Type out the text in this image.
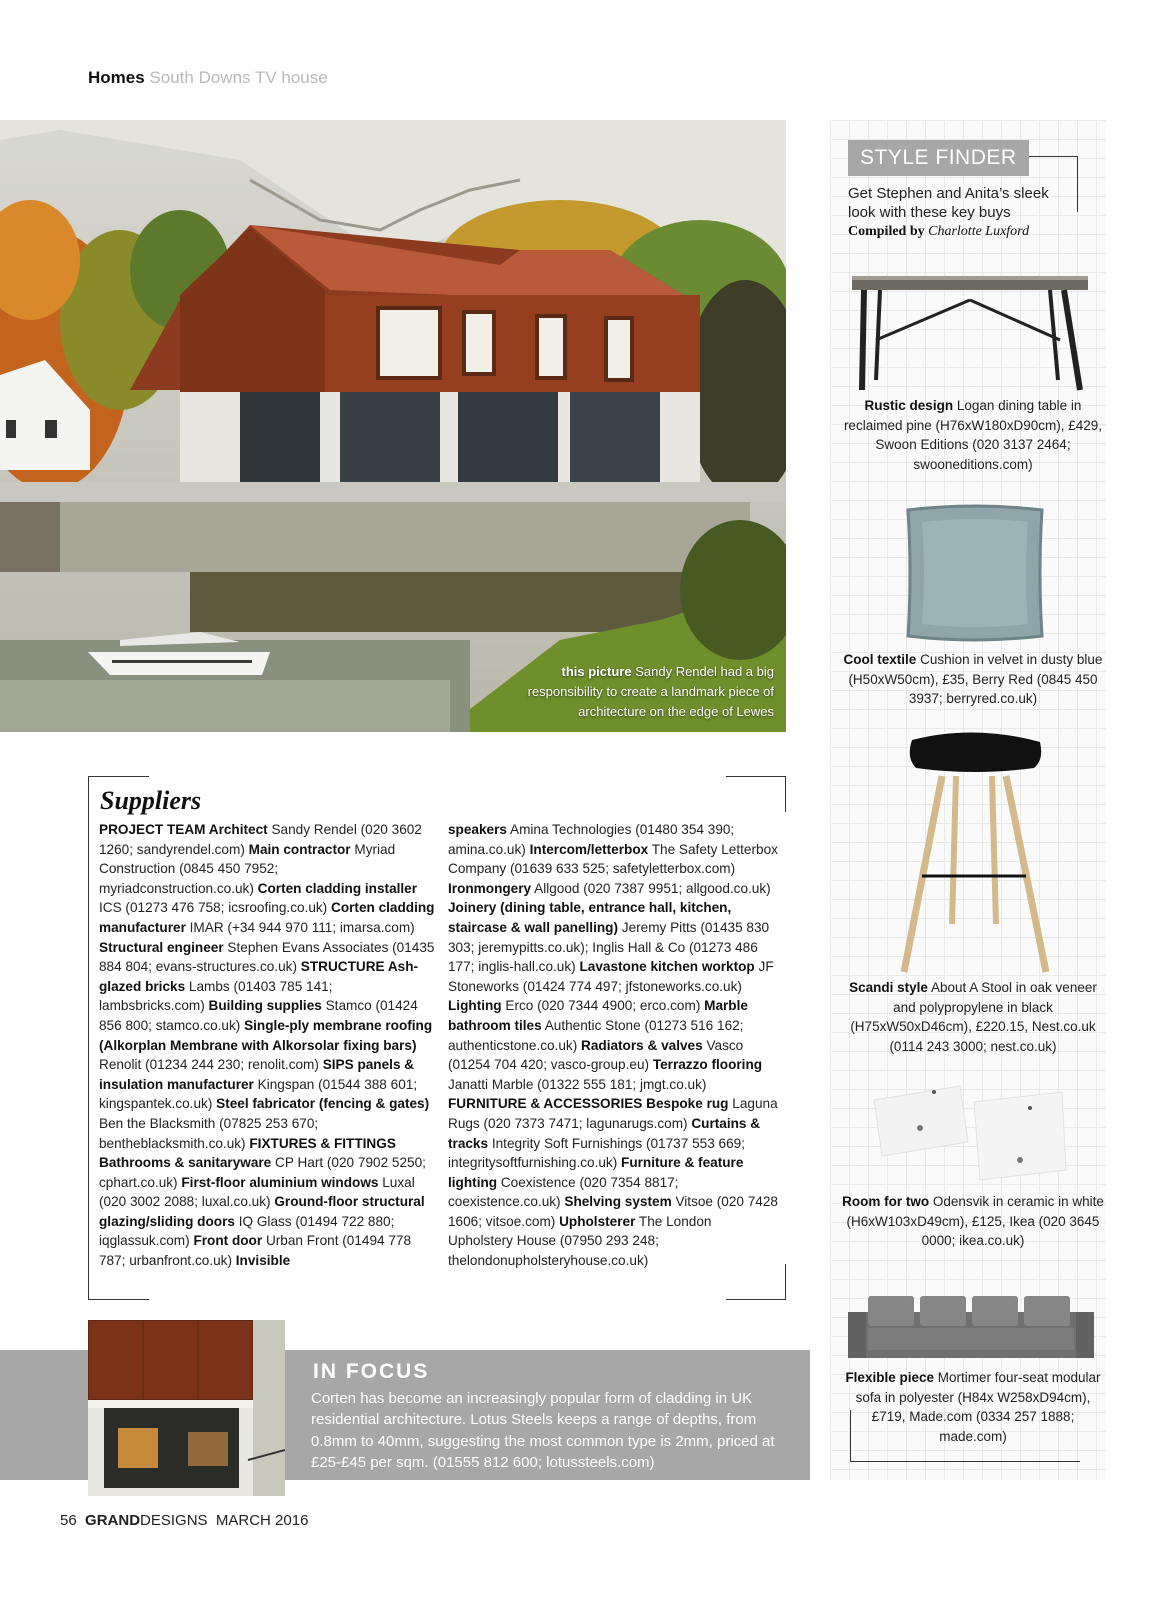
Homes South Downs TV house
this picture Sandy Rendel had a big responsibility to create a landmark piece of architecture on the edge of Lewes
STYLE FINDER
Get Stephen and Anita’s sleek look with these key buys
Compiled by Charlotte Luxford
Rustic design Logan dining table in reclaimed pine (H76xW180xD90cm), £429, Swoon Editions (020 3137 2464; swooneditions.com)
Cool textile Cushion in velvet in dusty blue (H50xW50cm), £35, Berry Red (0845 450 3937; berryred.co.uk)
Scandi style About A Stool in oak veneer and polypropylene in black (H75xW50xD46cm), £220.15, Nest.co.uk (0114 243 3000; nest.co.uk)
Room for two Odensvik in ceramic in white (H6xW103xD49cm), £125, Ikea (020 3645 0000; ikea.co.uk)
Flexible piece Mortimer four-seat modular sofa in polyester (H84x W258xD94cm), £719, Made.com (0334 257 1888; made.com)
Suppliers
PROJECT TEAM Architect Sandy Rendel (020 3602 1260; sandyrendel.com) Main contractor Myriad Construction (0845 450 7952; myriadconstruction.co.uk) Corten cladding installer ICS (01273 476 758; icsroofing.co.uk) Corten cladding manufacturer IMAR (+34 944 970 111; imarsa.com) Structural engineer Stephen Evans Associates (01435 884 804; evans-structures.co.uk) STRUCTURE Ash-glazed bricks Lambs (01403 785 141; lambsbricks.com) Building supplies Stamco (01424 856 800; stamco.co.uk) Single-ply membrane roofing (Alkorplan Membrane with Alkorsolar fixing bars) Renolit (01234 244 230; renolit.com) SIPS panels & insulation manufacturer Kingspan (01544 388 601; kingspantek.co.uk) Steel fabricator (fencing & gates) Ben the Blacksmith (07825 253 670; bentheblacksmith.co.uk) FIXTURES & FITTINGS Bathrooms & sanitaryware CP Hart (020 7902 5250; cphart.co.uk) First-floor aluminium windows Luxal (020 3002 2088; luxal.co.uk) Ground-floor structural glazing/sliding doors IQ Glass (01494 722 880; iqglassuk.com) Front door Urban Front (01494 778 787; urbanfront.co.uk) Invisible
speakers Amina Technologies (01480 354 390; amina.co.uk) Intercom/letterbox The Safety Letterbox Company (01639 633 525; safetyletterbox.com) Ironmongery Allgood (020 7387 9951; allgood.co.uk) Joinery (dining table, entrance hall, kitchen, staircase & wall panelling) Jeremy Pitts (01435 830 303; jeremypitts.co.uk); Inglis Hall & Co (01273 486 177; inglis-hall.co.uk) Lavastone kitchen worktop JF Stoneworks (01424 774 497; jfstoneworks.co.uk) Lighting Erco (020 7344 4900; erco.com) Marble bathroom tiles Authentic Stone (01273 516 162; authenticstone.co.uk) Radiators & valves Vasco (01254 704 420; vasco-group.eu) Terrazzo flooring Janatti Marble (01322 555 181; jmgt.co.uk) FURNITURE & ACCESSORIES Bespoke rug Laguna Rugs (020 7373 7471; lagunarugs.com) Curtains & tracks Integrity Soft Furnishings (01737 553 669; integritysoftfurnishing.co.uk) Furniture & feature lighting Coexistence (020 7354 8817; coexistence.co.uk) Shelving system Vitsoe (020 7428 1606; vitsoe.com) Upholsterer The London Upholstery House (07950 293 248; thelondonupholsteryhouse.co.uk)
IN FOCUS
Corten has become an increasingly popular form of cladding in UK residential architecture. Lotus Steels keeps a range of depths, from 0.8mm to 40mm, suggesting the most common type is 2mm, priced at £25-£45 per sqm. (01555 812 600; lotussteels.com)
56 GRANDDESIGNS MARCH 2016
